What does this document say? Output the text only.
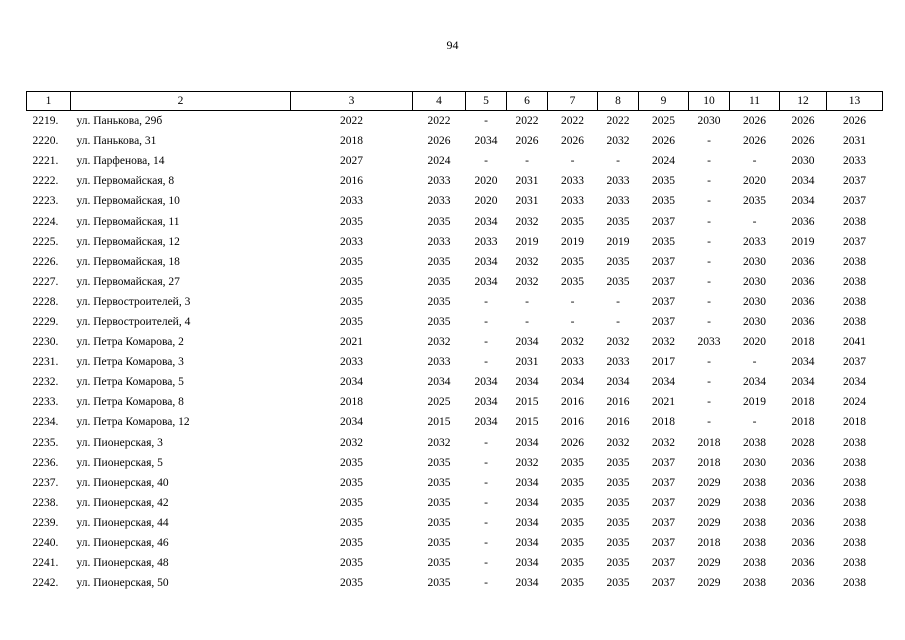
94
1	2	3	4	5	6	7	8	9	10	11	12	13
2219.	ул. Панькова, 29б	2022	2022	-	2022	2022	2022	2025	2030	2026	2026	2026
2220.	ул. Панькова, 31	2018	2026	2034	2026	2026	2032	2026	-	2026	2026	2031
2221.	ул. Парфенова, 14	2027	2024	-	-	-	-	2024	-	-	2030	2033
2222.	ул. Первомайская, 8	2016	2033	2020	2031	2033	2033	2035	-	2020	2034	2037
2223.	ул. Первомайская, 10	2033	2033	2020	2031	2033	2033	2035	-	2035	2034	2037
2224.	ул. Первомайская, 11	2035	2035	2034	2032	2035	2035	2037	-	-	2036	2038
2225.	ул. Первомайская, 12	2033	2033	2033	2019	2019	2019	2035	-	2033	2019	2037
2226.	ул. Первомайская, 18	2035	2035	2034	2032	2035	2035	2037	-	2030	2036	2038
2227.	ул. Первомайская, 27	2035	2035	2034	2032	2035	2035	2037	-	2030	2036	2038
2228.	ул. Первостроителей, 3	2035	2035	-	-	-	-	2037	-	2030	2036	2038
2229.	ул. Первостроителей, 4	2035	2035	-	-	-	-	2037	-	2030	2036	2038
2230.	ул. Петра Комарова, 2	2021	2032	-	2034	2032	2032	2032	2033	2020	2018	2041
2231.	ул. Петра Комарова, 3	2033	2033	-	2031	2033	2033	2017	-	-	2034	2037
2232.	ул. Петра Комарова, 5	2034	2034	2034	2034	2034	2034	2034	-	2034	2034	2034
2233.	ул. Петра Комарова, 8	2018	2025	2034	2015	2016	2016	2021	-	2019	2018	2024
2234.	ул. Петра Комарова, 12	2034	2015	2034	2015	2016	2016	2018	-	-	2018	2018
2235.	ул. Пионерская, 3	2032	2032	-	2034	2026	2032	2032	2018	2038	2028	2038
2236.	ул. Пионерская, 5	2035	2035	-	2032	2035	2035	2037	2018	2030	2036	2038
2237.	ул. Пионерская, 40	2035	2035	-	2034	2035	2035	2037	2029	2038	2036	2038
2238.	ул. Пионерская, 42	2035	2035	-	2034	2035	2035	2037	2029	2038	2036	2038
2239.	ул. Пионерская, 44	2035	2035	-	2034	2035	2035	2037	2029	2038	2036	2038
2240.	ул. Пионерская, 46	2035	2035	-	2034	2035	2035	2037	2018	2038	2036	2038
2241.	ул. Пионерская, 48	2035	2035	-	2034	2035	2035	2037	2029	2038	2036	2038
2242.	ул. Пионерская, 50	2035	2035	-	2034	2035	2035	2037	2029	2038	2036	2038
